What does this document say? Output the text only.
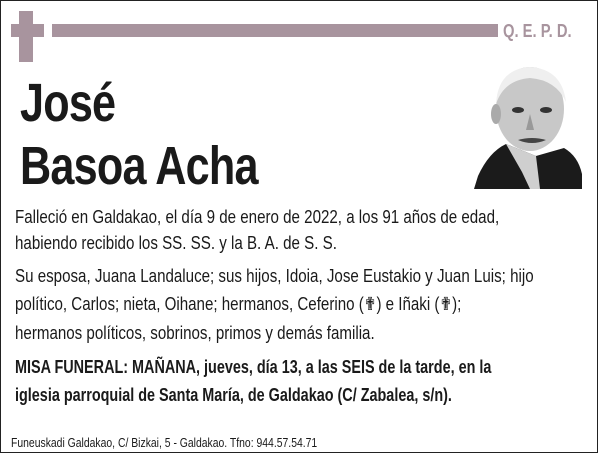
Q. E. P. D.
José
Basoa Acha
Falleció en Galdakao, el día 9 de enero de 2022, a los 91 años de edad,
habiendo recibido los SS. SS. y la B. A. de S. S.
Su esposa, Juana Landaluce; sus hijos, Idoia, Jose Eustakio y Juan Luis; hijo
político, Carlos; nieta, Oihane; hermanos, Ceferino (✟) e Iñaki (✟);
hermanos políticos, sobrinos, primos y demás familia.
MISA FUNERAL: MAÑANA, jueves, día 13, a las SEIS de la tarde, en la
iglesia parroquial de Santa María, de Galdakao (C/ Zabalea, s/n).
Funeuskadi Galdakao, C/ Bizkai, 5 - Galdakao. Tfno: 944.57.54.71
